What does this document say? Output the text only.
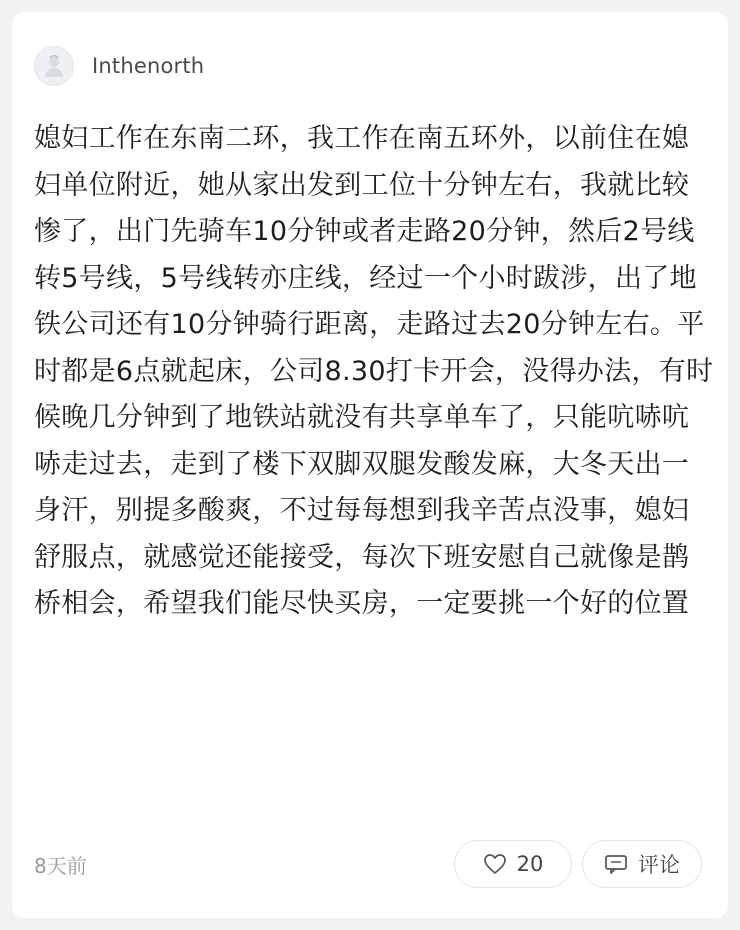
Inthenorth
媳妇工作在东南二环，我工作在南五环外，以前住在媳妇单位附近，她从家出发到工位十分钟左右，我就比较惨了，出门先骑车10分钟或者走路20分钟，然后2号线转5号线，5号线转亦庄线，经过一个小时跋涉，出了地铁公司还有10分钟骑行距离，走路过去20分钟左右。平时都是6点就起床，公司8.30打卡开会，没得办法，有时候晚几分钟到了地铁站就没有共享单车了，只能吭哧吭哧走过去，走到了楼下双脚双腿发酸发麻，大冬天出一身汗，别提多酸爽，不过每每想到我辛苦点没事，媳妇舒服点，就感觉还能接受，每次下班安慰自己就像是鹊桥相会，希望我们能尽快买房，一定要挑一个好的位置
8天前	20	评论
